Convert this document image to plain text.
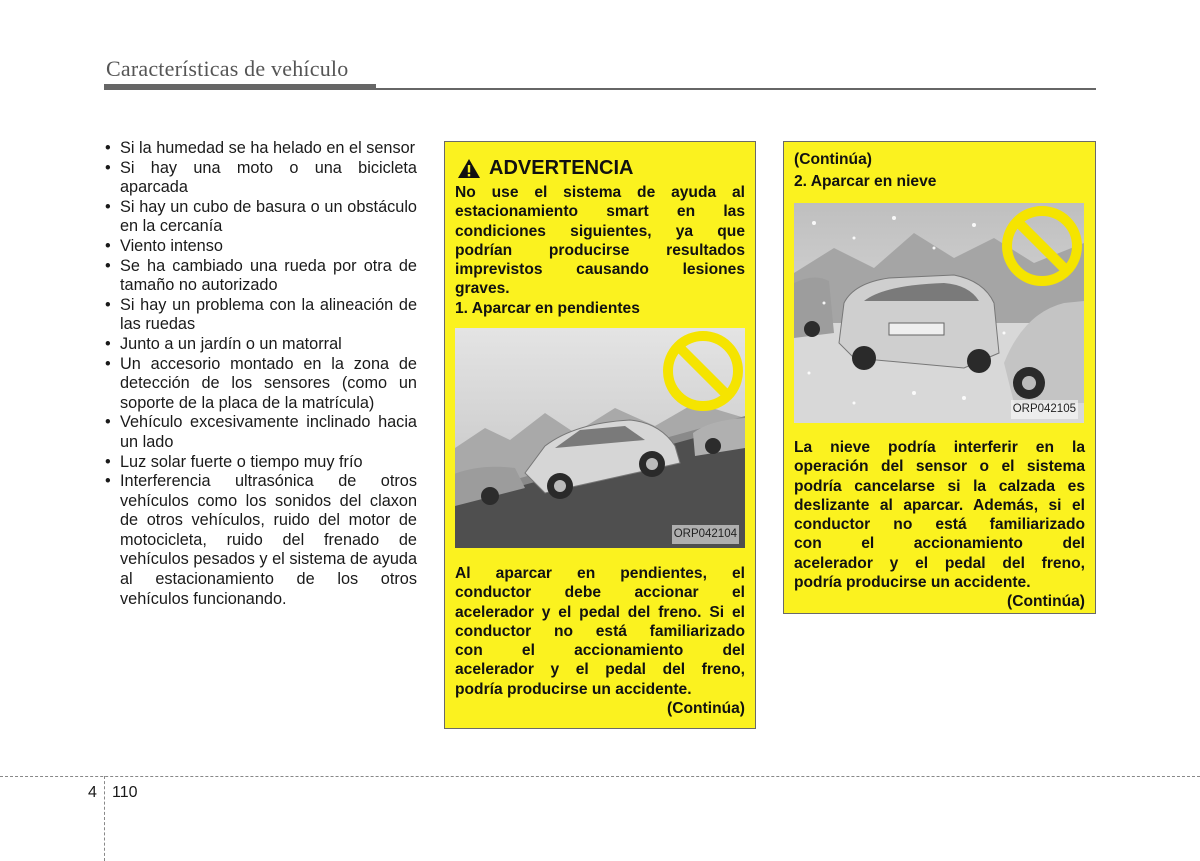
Características de vehículo
• Si la humedad se ha helado en el sensor
• Si hay una moto o una bicicleta aparcada
• Si hay un cubo de basura o un obstáculo en la cercanía
• Viento intenso
• Se ha cambiado una rueda por otra de tamaño no autorizado
• Si hay un problema con la alineación de las ruedas
• Junto a un jardín o un matorral
• Un accesorio montado en la zona de detección de los sensores (como un soporte de la placa de la matrícula)
• Vehículo excesivamente inclinado hacia un lado
• Luz solar fuerte o tiempo muy frío
• Interferencia ultrasónica de otros vehículos como los sonidos del claxon de otros vehículos, ruido del motor de motocicleta, ruido del frenado de vehículos pesados y el sistema de ayuda al estacionamiento de los otros vehículos funcionando.
ADVERTENCIA
No use el sistema de ayuda al
estacionamiento smart en las
condiciones siguientes, ya que
podrían producirse resultados
imprevistos causando lesiones
graves.
1. Aparcar en pendientes
ORP042104
Al aparcar en pendientes, el
conductor debe accionar el
acelerador y el pedal del freno. Si el
conductor no está familiarizado
con el accionamiento del
acelerador y el pedal del freno,
podría producirse un accidente.
(Continúa)
(Continúa)
2. Aparcar en nieve
ORP042105
La nieve podría interferir en la
operación del sensor o el sistema
podría cancelarse si la calzada es
deslizante al aparcar. Además, si el
conductor no está familiarizado
con el accionamiento del
acelerador y el pedal del freno,
podría producirse un accidente.
(Continúa)
4 110
